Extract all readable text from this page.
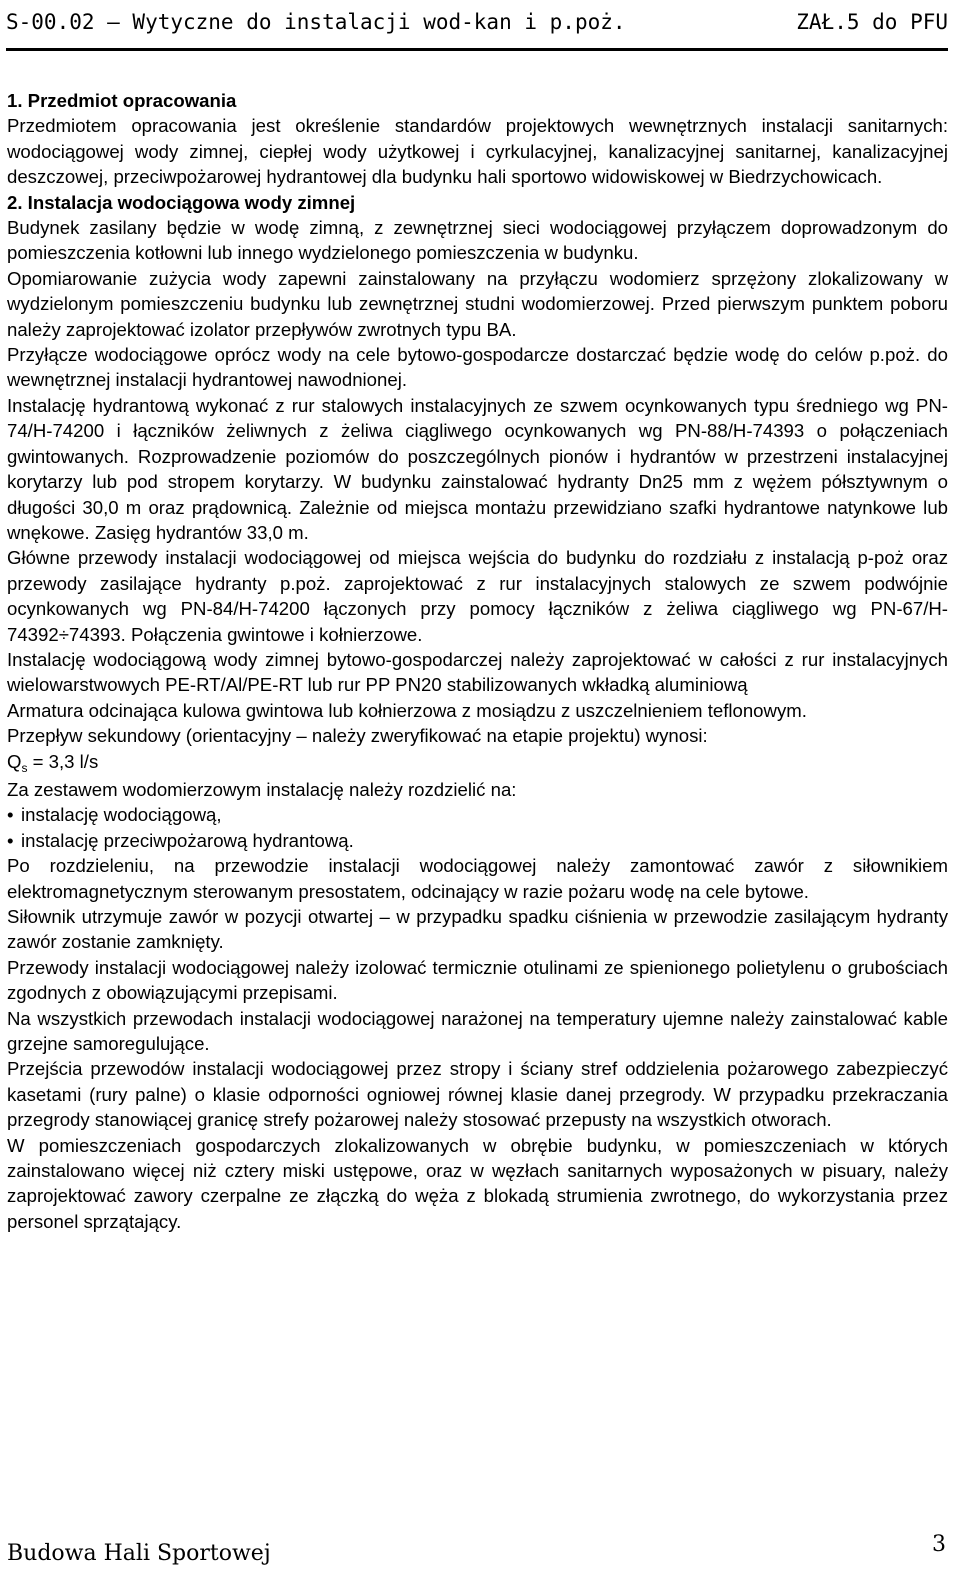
S-00.02 – Wytyczne do instalacji wod-kan i p.poż.	ZAŁ.5 do PFU
1. Przedmiot opracowania

Przedmiotem opracowania jest określenie standardów projektowych wewnętrznych instalacji sanitarnych: wodociągowej wody zimnej, ciepłej wody użytkowej i cyrkulacyjnej, kanalizacyjnej sanitarnej, kanalizacyjnej deszczowej, przeciwpożarowej hydrantowej dla budynku hali sportowo widowiskowej w Biedrzychowicach.

2. Instalacja wodociągowa wody zimnej

Budynek zasilany będzie w wodę zimną, z zewnętrznej sieci wodociągowej przyłączem doprowadzonym do pomieszczenia kotłowni lub innego wydzielonego pomieszczenia w budynku.

Opomiarowanie zużycia wody zapewni zainstalowany na przyłączu wodomierz sprzężony zlokalizowany w wydzielonym pomieszczeniu budynku lub zewnętrznej studni wodomierzowej. Przed pierwszym punktem poboru należy zaprojektować izolator przepływów zwrotnych typu BA.

Przyłącze wodociągowe oprócz wody na cele bytowo-gospodarcze dostarczać będzie wodę do celów p.poż. do wewnętrznej instalacji hydrantowej nawodnionej.

Instalację hydrantową wykonać z rur stalowych instalacyjnych ze szwem ocynkowanych typu średniego wg PN-74/H-74200 i łączników żeliwnych z żeliwa ciągliwego ocynkowanych wg PN-88/H-74393 o połączeniach gwintowanych. Rozprowadzenie poziomów do poszczególnych pionów i hydrantów w przestrzeni instalacyjnej korytarzy lub pod stropem korytarzy. W budynku zainstalować hydranty Dn25 mm z wężem półsztywnym o długości 30,0 m oraz prądownicą. Zależnie od miejsca montażu przewidziano szafki hydrantowe natynkowe lub wnękowe. Zasięg hydrantów 33,0 m.

Główne przewody instalacji wodociągowej od miejsca wejścia do budynku do rozdziału z instalacją p-poż oraz przewody zasilające hydranty p.poż. zaprojektować z rur instalacyjnych stalowych ze szwem podwójnie ocynkowanych wg PN-84/H-74200 łączonych przy pomocy łączników z żeliwa ciągliwego wg PN-67/H-74392÷74393. Połączenia gwintowe i kołnierzowe.

Instalację wodociągową wody zimnej bytowo-gospodarczej należy zaprojektować w całości z rur instalacyjnych wielowarstwowych PE-RT/Al/PE-RT lub rur PP PN20 stabilizowanych wkładką aluminiową

Armatura odcinająca kulowa gwintowa lub kołnierzowa z mosiądzu z uszczelnieniem teflonowym.

Przepływ sekundowy (orientacyjny – należy zweryfikować na etapie projektu) wynosi:

$Q_s = 3,3$ l/s

Za zestawem wodomierzowym instalację należy rozdzielić na:

• instalację wodociągową,
• instalację przeciwpożarową hydrantową.

Po rozdzieleniu, na przewodzie instalacji wodociągowej należy zamontować zawór z siłownikiem elektromagnetycznym sterowanym presostatem, odcinający w razie pożaru wodę na cele bytowe.

Siłownik utrzymuje zawór w pozycji otwartej – w przypadku spadku ciśnienia w przewodzie zasilającym hydranty zawór zostanie zamknięty.

Przewody instalacji wodociągowej należy izolować termicznie otulinami ze spienionego polietylenu o grubościach zgodnych z obowiązującymi przepisami.

Na wszystkich przewodach instalacji wodociągowej narażonej na temperatury ujemne należy zainstalować kable grzejne samoregulujące.

Przejścia przewodów instalacji wodociągowej przez stropy i ściany stref oddzielenia pożarowego zabezpieczyć kasetami (rury palne) o klasie odporności ogniowej równej klasie danej przegrody. W przypadku przekraczania przegrody stanowiącej granicę strefy pożarowej należy stosować przepusty na wszystkich otworach.

W pomieszczeniach gospodarczych zlokalizowanych w obrębie budynku, w pomieszczeniach w których zainstalowano więcej niż cztery miski ustępowe, oraz w węzłach sanitarnych wyposażonych w pisuary, należy zaprojektować zawory czerpalne ze złączką do węża z blokadą strumienia zwrotnego, do wykorzystania przez personel sprzątający.

Budowa Hali Sportowej	3
